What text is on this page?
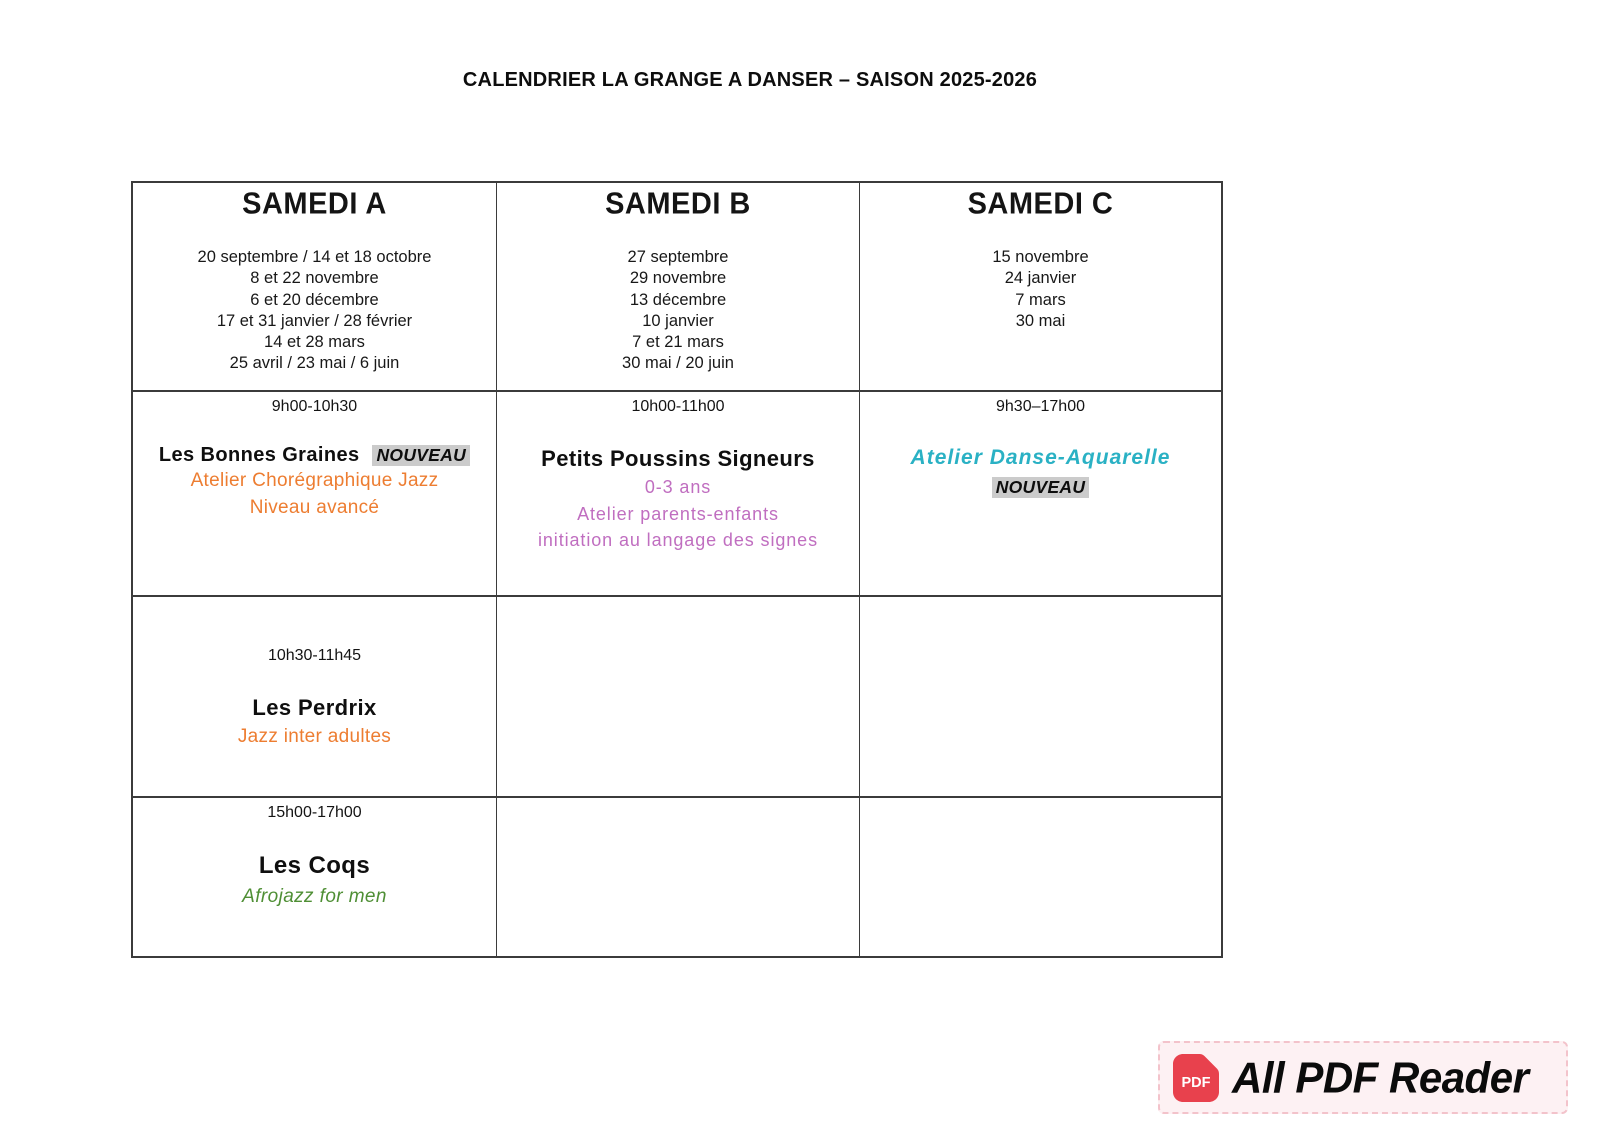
CALENDRIER LA GRANGE A DANSER – SAISON 2025-2026
SAMEDI A
20 septembre / 14 et 18 octobre
8 et 22 novembre
6 et 20 décembre
17 et 31 janvier / 28 février
14 et 28 mars
25 avril / 23 mai / 6 juin
SAMEDI B
27 septembre
29 novembre
13 décembre
10 janvier
7 et 21 mars
30 mai / 20 juin
SAMEDI C
15 novembre
24 janvier
7 mars
30 mai
9h00-10h30
Les Bonnes Graines NOUVEAU
Atelier Chorégraphique Jazz
Niveau avancé
10h00-11h00
Petits Poussins Signeurs
0-3 ans
Atelier parents-enfants
initiation au langage des signes
9h30–17h00
Atelier Danse-Aquarelle
NOUVEAU
10h30-11h45
Les Perdrix
Jazz inter adultes
15h00-17h00
Les Coqs
Afrojazz for men
PDF All PDF Reader
